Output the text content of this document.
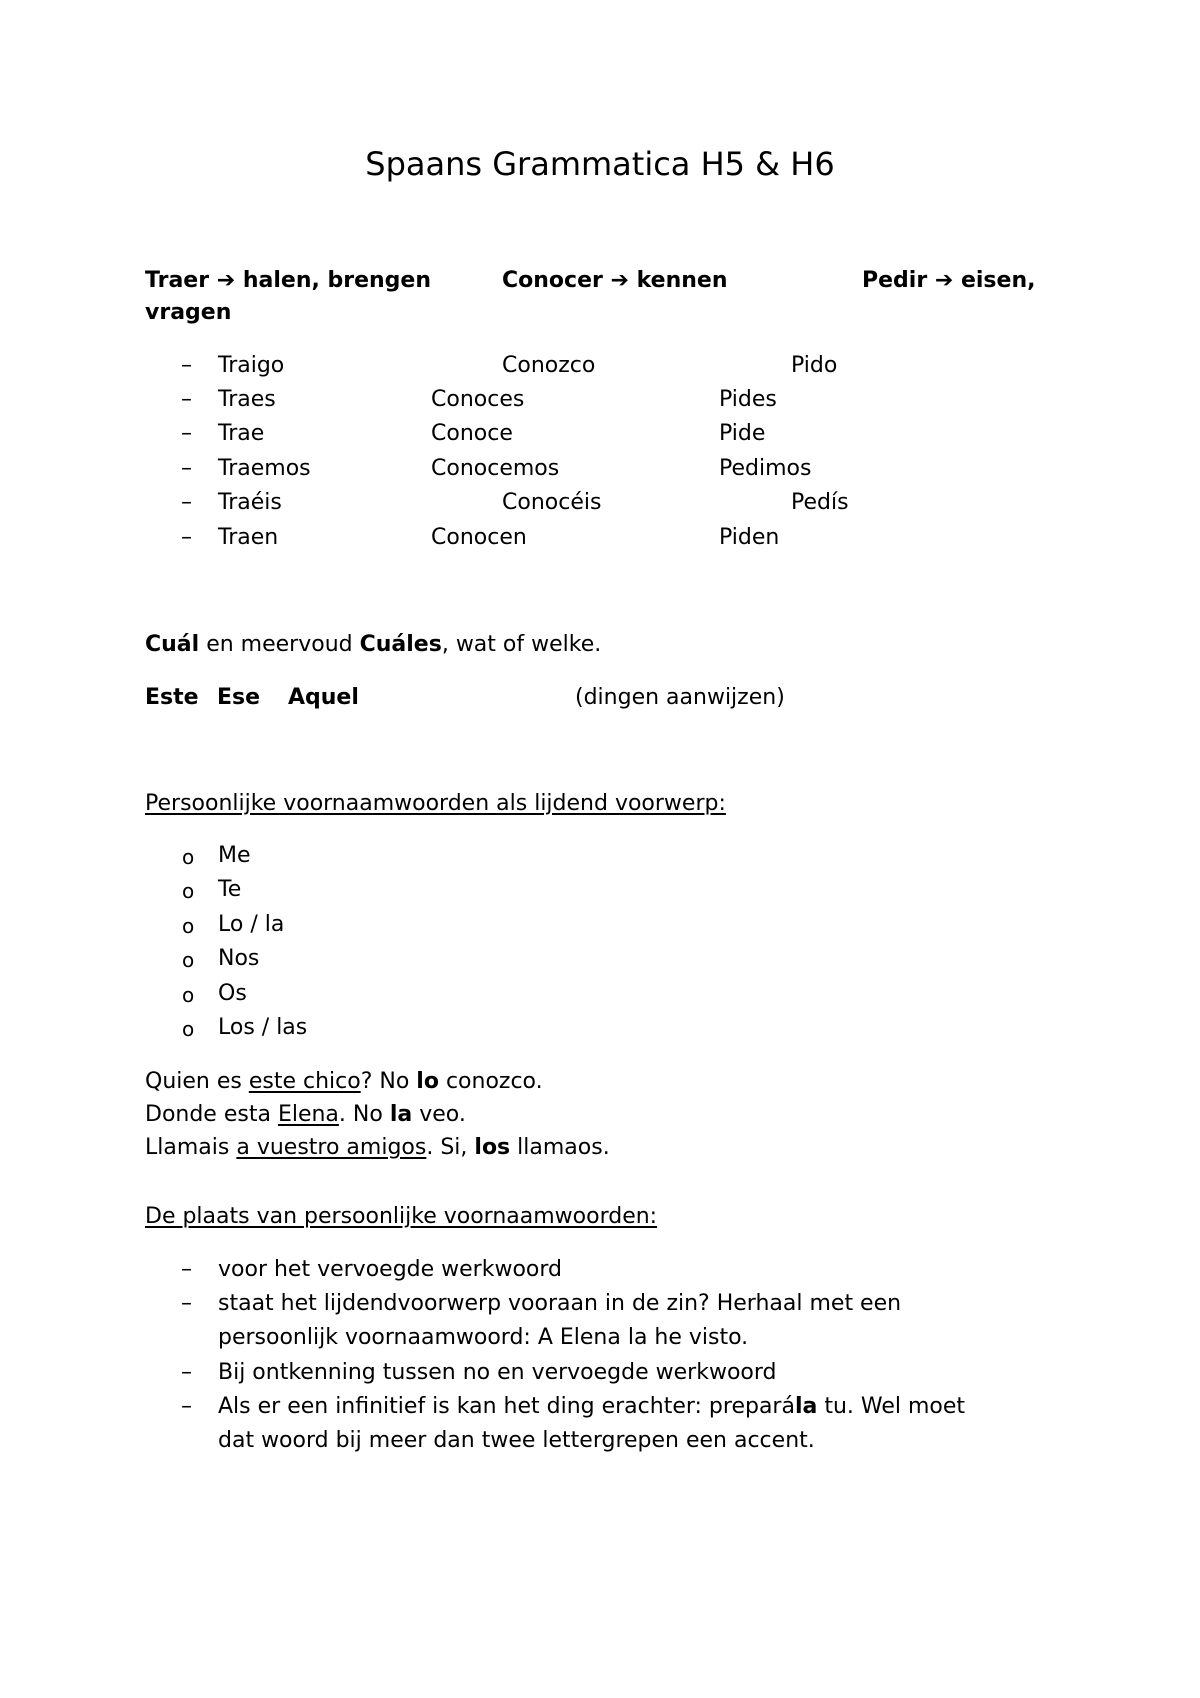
Spaans Grammatica H5 & H6
Traer ➔ halen, brengen	Conocer ➔ kennen	Pedir ➔ eisen,
vragen
– Traigo	Conozco	Pido
– Traes	Conoces	Pides
– Trae	Conoce	Pide
– Traemos	Conocemos	Pedimos
– Traéis	Conocéis	Pedís
– Traen	Conocen	Piden
Cuál en meervoud Cuáles, wat of welke.
Este Ese Aquel	(dingen aanwijzen)
Persoonlijke voornaamwoorden als lijdend voorwerp:
o Me
o Te
o Lo / la
o Nos
o Os
o Los / las
Quien es este chico? No lo conozco.
Donde esta Elena. No la veo.
Llamais a vuestro amigos. Si, los llamaos.
De plaats van persoonlijke voornaamwoorden:
– voor het vervoegde werkwoord
– staat het lijdendvoorwerp vooraan in de zin? Herhaal met een
persoonlijk voornaamwoord: A Elena la he visto.
– Bij ontkenning tussen no en vervoegde werkwoord
– Als er een infinitief is kan het ding erachter: preparála tu. Wel moet
dat woord bij meer dan twee lettergrepen een accent.
